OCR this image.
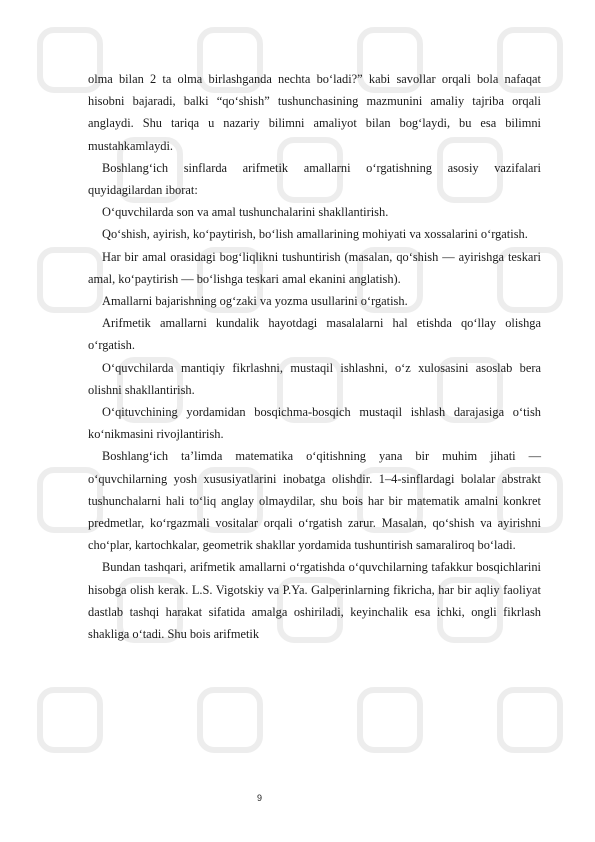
olma bilan 2 ta olma birlashganda nechta bo‘ladi?” kabi savollar orqali bola nafaqat hisobni bajaradi, balki “qo‘shish” tushunchasining mazmunini amaliy tajriba orqali anglaydi. Shu tariqa u nazariy bilimni amaliyot bilan bog‘laydi, bu esa bilimni mustahkamlaydi.

Boshlang‘ich sinflarda arifmetik amallarni o‘rgatishning asosiy vazifalari quyidagilardan iborat:

O‘quvchilarda son va amal tushunchalarini shakllantirish.

Qo‘shish, ayirish, ko‘paytirish, bo‘lish amallarining mohiyati va xossalarini o‘rgatish.

Har bir amal orasidagi bog‘liqlikni tushuntirish (masalan, qo‘shish — ayirishga teskari amal, ko‘paytirish — bo‘lishga teskari amal ekanini anglatish).

Amallarni bajarishning og‘zaki va yozma usullarini o‘rgatish.

Arifmetik amallarni kundalik hayotdagi masalalarni hal etishda qo‘llay olishga o‘rgatish.

O‘quvchilarda mantiqiy fikrlashni, mustaqil ishlashni, o‘z xulosasini asoslab bera olishni shakllantirish.

O‘qituvchining yordamidan bosqichma-bosqich mustaqil ishlash darajasiga o‘tish ko‘nikmasini rivojlantirish.

Boshlang‘ich ta’limda matematika o‘qitishning yana bir muhim jihati — o‘quvchilarning yosh xususiyatlarini inobatga olishdir. 1–4-sinflardagi bolalar abstrakt tushunchalarni hali to‘liq anglay olmaydilar, shu bois har bir matematik amalni konkret predmetlar, ko‘rgazmali vositalar orqali o‘rgatish zarur. Masalan, qo‘shish va ayirishni cho‘plar, kartochkalar, geometrik shakllar yordamida tushuntirish samaraliroq bo‘ladi.

Bundan tashqari, arifmetik amallarni o‘rgatishda o‘quvchilarning tafakkur bosqichlarini hisobga olish kerak. L.S. Vigotskiy va P.Ya. Galperinlarning fikricha, har bir aqliy faoliyat dastlab tashqi harakat sifatida amalga oshiriladi, keyinchalik esa ichki, ongli fikrlash shakliga o‘tadi. Shu bois arifmetik

9
